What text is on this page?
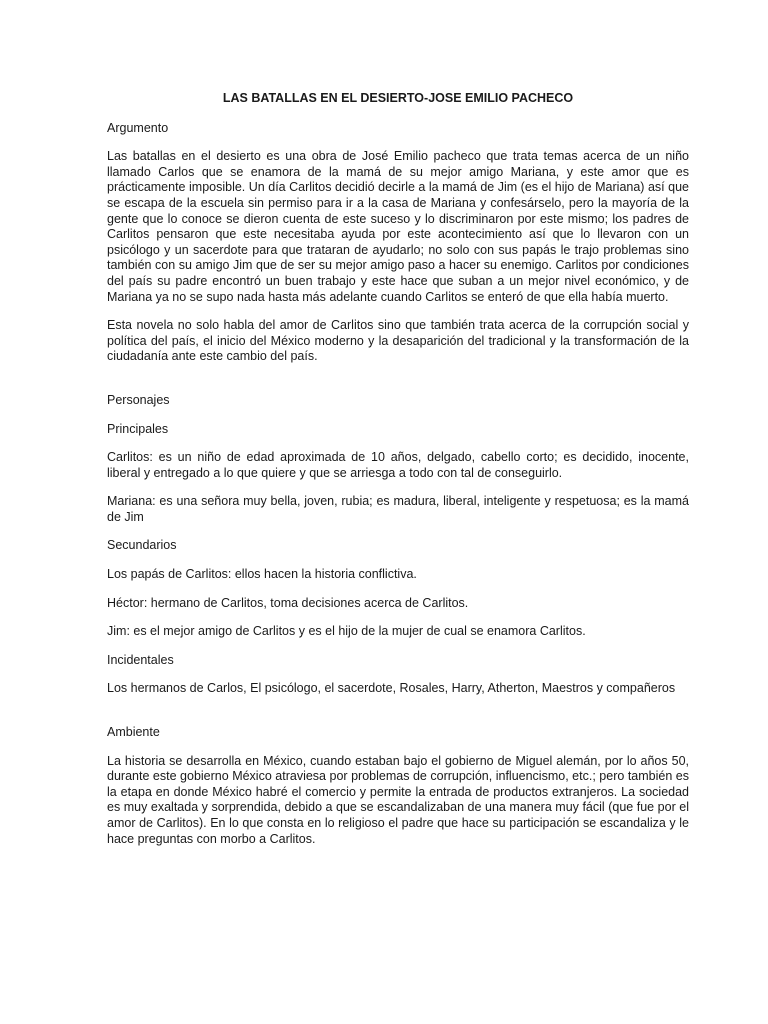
LAS BATALLAS EN EL DESIERTO-JOSE EMILIO PACHECO

Argumento

Las batallas en el desierto es una obra de José Emilio pacheco que trata temas acerca de un niño llamado Carlos que se enamora de la mamá de su mejor amigo Mariana, y este amor que es prácticamente imposible. Un día Carlitos decidió decirle a la mamá de Jim (es el hijo de Mariana) así que se escapa de la escuela sin permiso para ir a la casa de Mariana y confesárselo, pero la mayoría de la gente que lo conoce se dieron cuenta de este suceso y lo discriminaron por este mismo; los padres de Carlitos pensaron que este necesitaba ayuda por este acontecimiento así que lo llevaron con un psicólogo y un sacerdote para que trataran de ayudarlo; no solo con sus papás le trajo problemas sino también con su amigo Jim que de ser su mejor amigo paso a hacer su enemigo. Carlitos por condiciones del país su padre encontró un buen trabajo y este hace que suban a un mejor nivel económico, y de Mariana ya no se supo nada hasta más adelante cuando Carlitos se enteró de que ella había muerto.

Esta novela no solo habla del amor de Carlitos sino que también trata acerca de la corrupción social y política del país, el inicio del México moderno y la desaparición del tradicional y la transformación de la ciudadanía ante este cambio del país.

Personajes

Principales

Carlitos: es un niño de edad aproximada de 10 años, delgado, cabello corto; es decidido, inocente, liberal y entregado a lo que quiere y que se arriesga a todo con tal de conseguirlo.

Mariana: es una señora muy bella, joven, rubia; es madura, liberal, inteligente y respetuosa; es la mamá de Jim

Secundarios

Los papás de Carlitos: ellos hacen la historia conflictiva.

Héctor: hermano de Carlitos, toma decisiones acerca de Carlitos.

Jim: es el mejor amigo de Carlitos y es el hijo de la mujer de cual se enamora Carlitos.

Incidentales

Los hermanos de Carlos, El psicólogo, el sacerdote, Rosales, Harry, Atherton, Maestros y compañeros

Ambiente

La historia se desarrolla en México, cuando estaban bajo el gobierno de Miguel alemán, por lo años 50, durante este gobierno México atraviesa por problemas de corrupción, influencismo, etc.; pero también es la etapa en donde México habré el comercio y permite la entrada de productos extranjeros. La sociedad es muy exaltada y sorprendida, debido a que se escandalizaban de una manera muy fácil (que fue por el amor de Carlitos). En lo que consta en lo religioso el padre que hace su participación se escandaliza y le hace preguntas con morbo a Carlitos.
